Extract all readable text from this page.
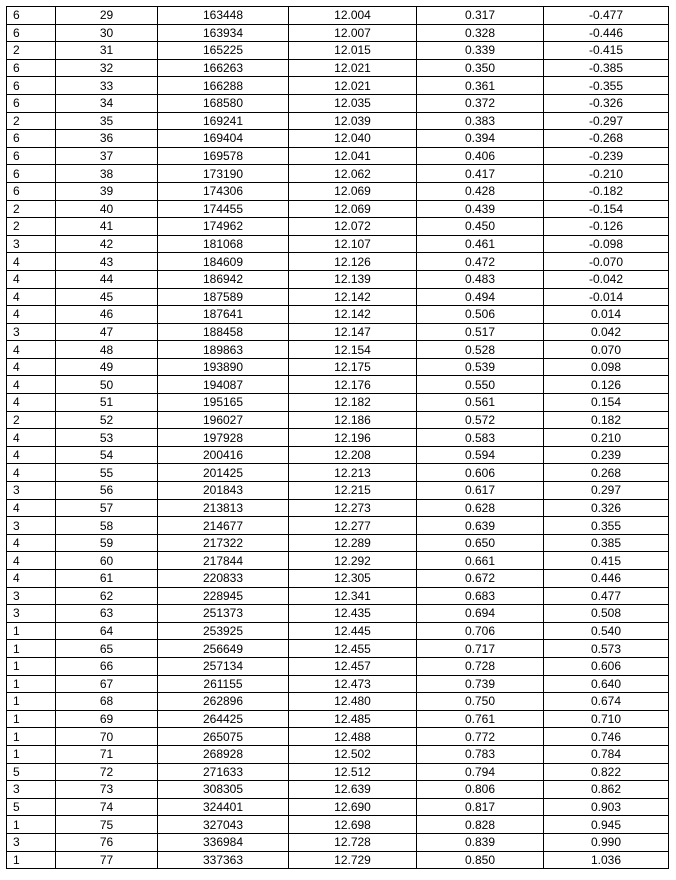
6	29	163448	12.004	0.317	-0.477
6	30	163934	12.007	0.328	-0.446
2	31	165225	12.015	0.339	-0.415
6	32	166263	12.021	0.350	-0.385
6	33	166288	12.021	0.361	-0.355
6	34	168580	12.035	0.372	-0.326
2	35	169241	12.039	0.383	-0.297
6	36	169404	12.040	0.394	-0.268
6	37	169578	12.041	0.406	-0.239
6	38	173190	12.062	0.417	-0.210
6	39	174306	12.069	0.428	-0.182
2	40	174455	12.069	0.439	-0.154
2	41	174962	12.072	0.450	-0.126
3	42	181068	12.107	0.461	-0.098
4	43	184609	12.126	0.472	-0.070
4	44	186942	12.139	0.483	-0.042
4	45	187589	12.142	0.494	-0.014
4	46	187641	12.142	0.506	0.014
3	47	188458	12.147	0.517	0.042
4	48	189863	12.154	0.528	0.070
4	49	193890	12.175	0.539	0.098
4	50	194087	12.176	0.550	0.126
4	51	195165	12.182	0.561	0.154
2	52	196027	12.186	0.572	0.182
4	53	197928	12.196	0.583	0.210
4	54	200416	12.208	0.594	0.239
4	55	201425	12.213	0.606	0.268
3	56	201843	12.215	0.617	0.297
4	57	213813	12.273	0.628	0.326
3	58	214677	12.277	0.639	0.355
4	59	217322	12.289	0.650	0.385
4	60	217844	12.292	0.661	0.415
4	61	220833	12.305	0.672	0.446
3	62	228945	12.341	0.683	0.477
3	63	251373	12.435	0.694	0.508
1	64	253925	12.445	0.706	0.540
1	65	256649	12.455	0.717	0.573
1	66	257134	12.457	0.728	0.606
1	67	261155	12.473	0.739	0.640
1	68	262896	12.480	0.750	0.674
1	69	264425	12.485	0.761	0.710
1	70	265075	12.488	0.772	0.746
1	71	268928	12.502	0.783	0.784
5	72	271633	12.512	0.794	0.822
3	73	308305	12.639	0.806	0.862
5	74	324401	12.690	0.817	0.903
1	75	327043	12.698	0.828	0.945
3	76	336984	12.728	0.839	0.990
1	77	337363	12.729	0.850	1.036
